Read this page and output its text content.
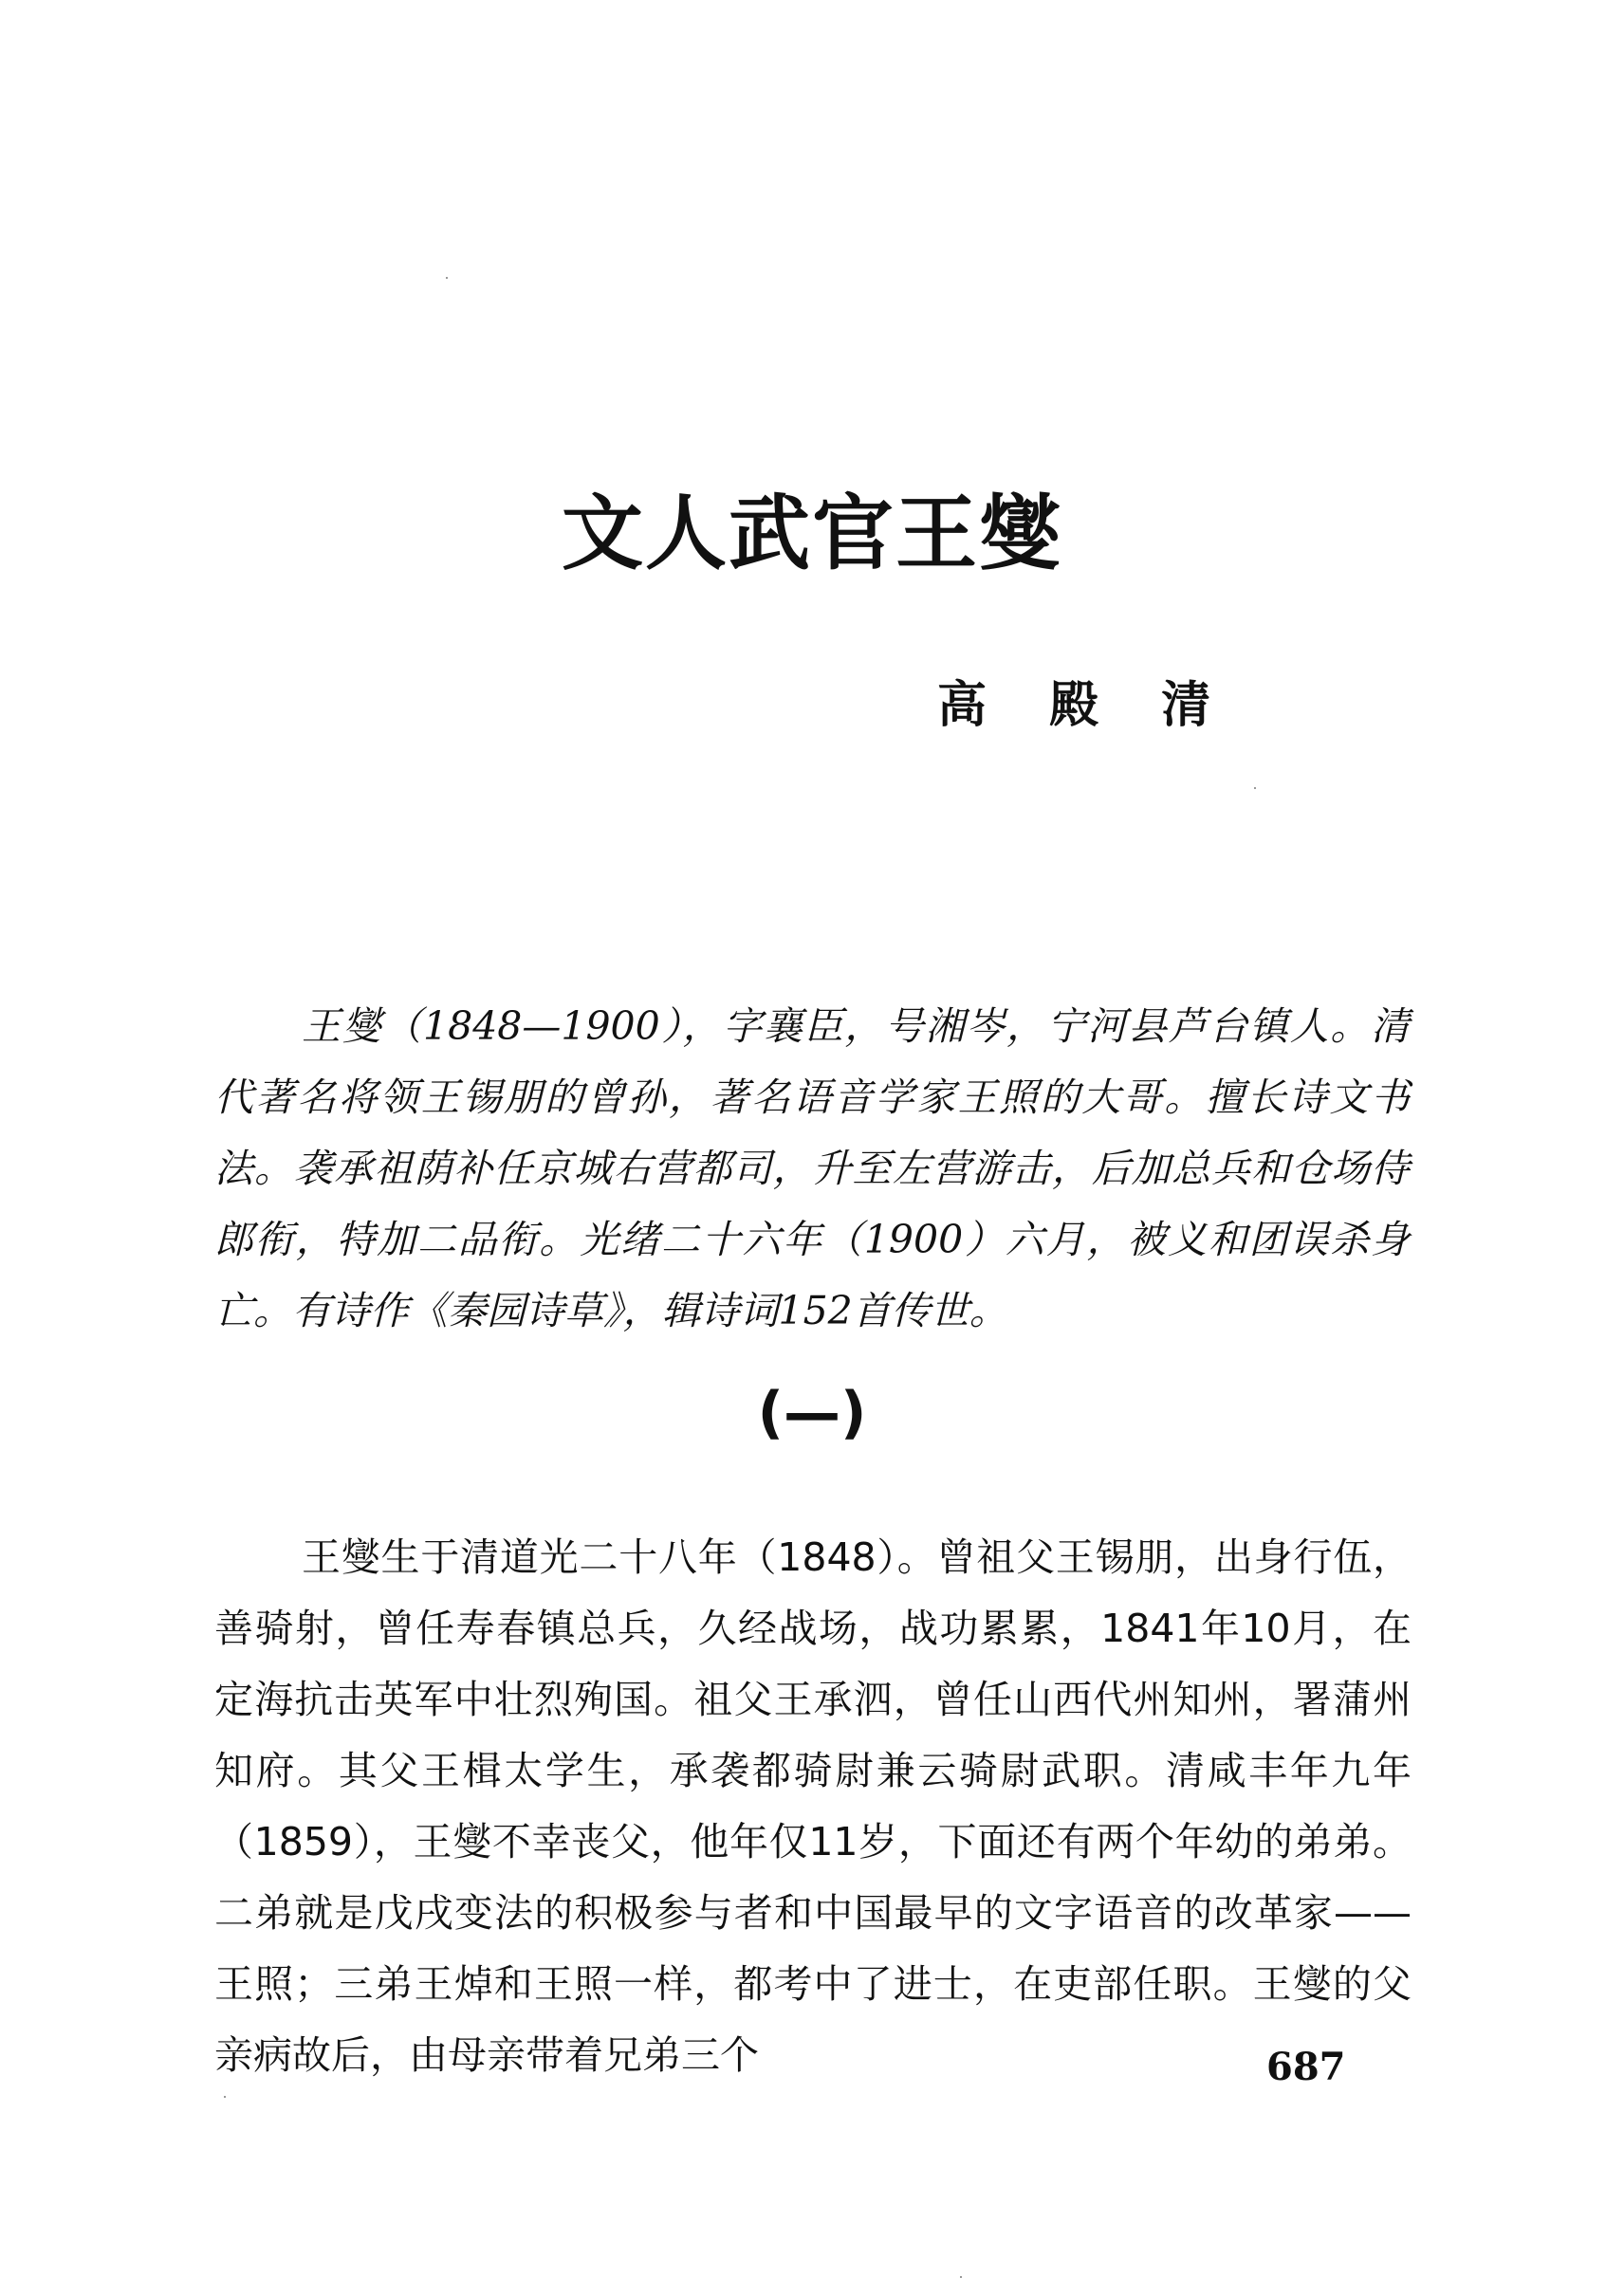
文人武官王燮
高 殿 清

王燮（1848—1900），字襄臣，号湘岑，宁河县芦台镇人。清代著名将领王锡朋的曾孙，著名语音学家王照的大哥。擅长诗文书法。袭承祖荫补任京城右营都司，升至左营游击，后加总兵和仓场侍郎衔，特加二品衔。光绪二十六年（1900）六月，被义和团误杀身亡。有诗作《秦园诗草》，辑诗词152首传世。

(—)

王燮生于清道光二十八年（1848）。曾祖父王锡朋，出身行伍，善骑射，曾任寿春镇总兵，久经战场，战功累累，1841年10月，在定海抗击英军中壮烈殉国。祖父王承泗，曾任山西代州知州，署蒲州知府。其父王楫太学生，承袭都骑尉兼云骑尉武职。清咸丰年九年（1859），王燮不幸丧父，他年仅11岁，下面还有两个年幼的弟弟。二弟就是戊戌变法的积极参与者和中国最早的文字语音的改革家——王照；三弟王焯和王照一样，都考中了进士，在吏部任职。王燮的父亲病故后，由母亲带着兄弟三个	687
